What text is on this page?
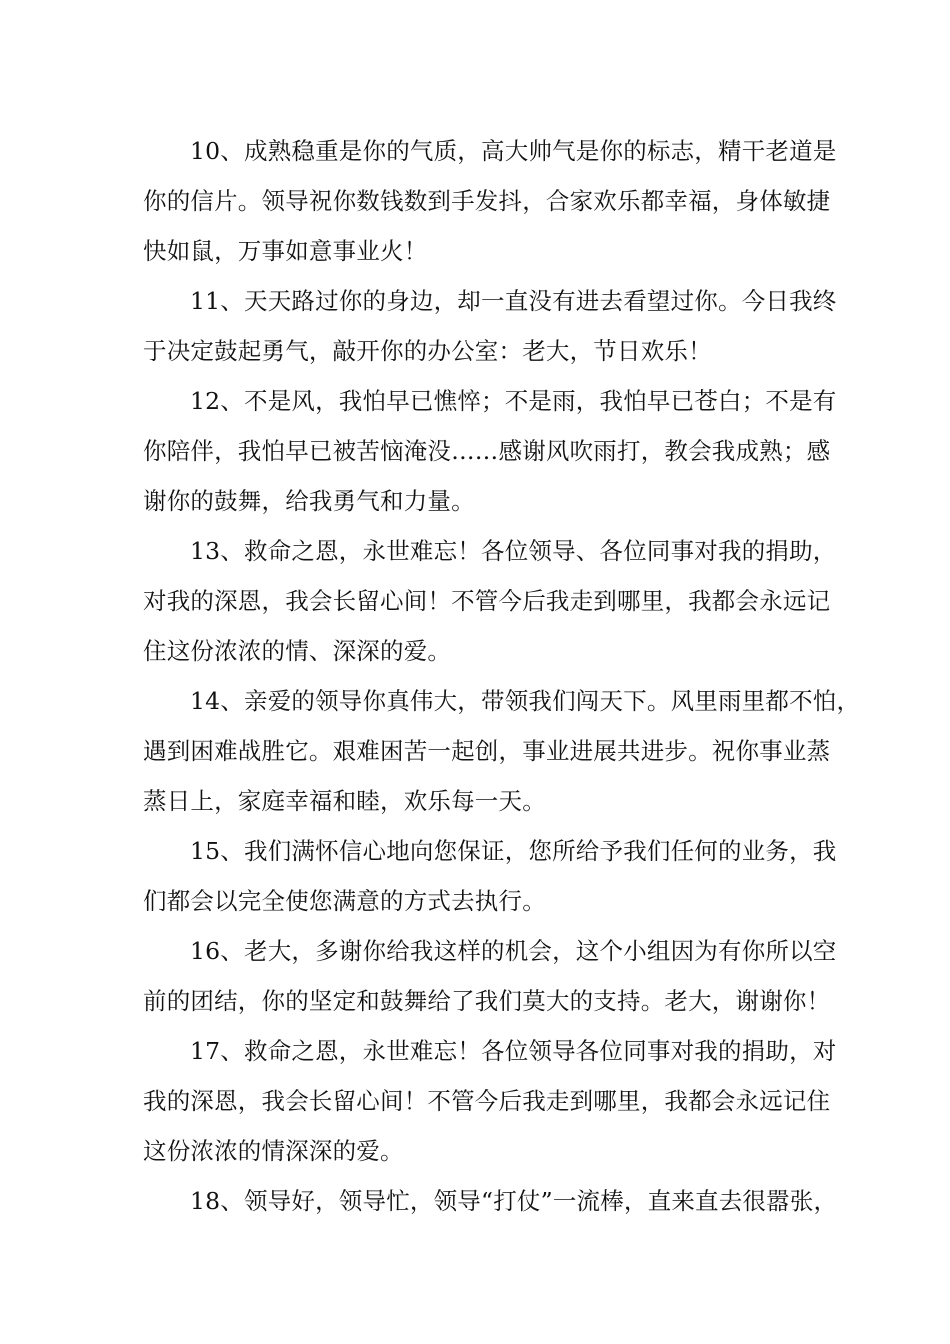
10、成熟稳重是你的气质，高大帅气是你的标志，精干老道是
你的信片。领导祝你数钱数到手发抖，合家欢乐都幸福，身体敏捷
快如鼠，万事如意事业火！
11、天天路过你的身边，却一直没有进去看望过你。今日我终
于决定鼓起勇气，敲开你的办公室：老大，节日欢乐！
12、不是风，我怕早已憔悴；不是雨，我怕早已苍白；不是有
你陪伴，我怕早已被苦恼淹没……感谢风吹雨打，教会我成熟；感
谢你的鼓舞，给我勇气和力量。
13、救命之恩，永世难忘！各位领导、各位同事对我的捐助，
对我的深恩，我会长留心间！不管今后我走到哪里，我都会永远记
住这份浓浓的情、深深的爱。
14、亲爱的领导你真伟大，带领我们闯天下。风里雨里都不怕，
遇到困难战胜它。艰难困苦一起创，事业进展共进步。祝你事业蒸
蒸日上，家庭幸福和睦，欢乐每一天。
15、我们满怀信心地向您保证，您所给予我们任何的业务，我
们都会以完全使您满意的方式去执行。
16、老大，多谢你给我这样的机会，这个小组因为有你所以空
前的团结，你的坚定和鼓舞给了我们莫大的支持。老大，谢谢你！
17、救命之恩，永世难忘！各位领导各位同事对我的捐助，对
我的深恩，我会长留心间！不管今后我走到哪里，我都会永远记住
这份浓浓的情深深的爱。
18、领导好，领导忙，领导“打仗”一流棒，直来直去很嚣张，
